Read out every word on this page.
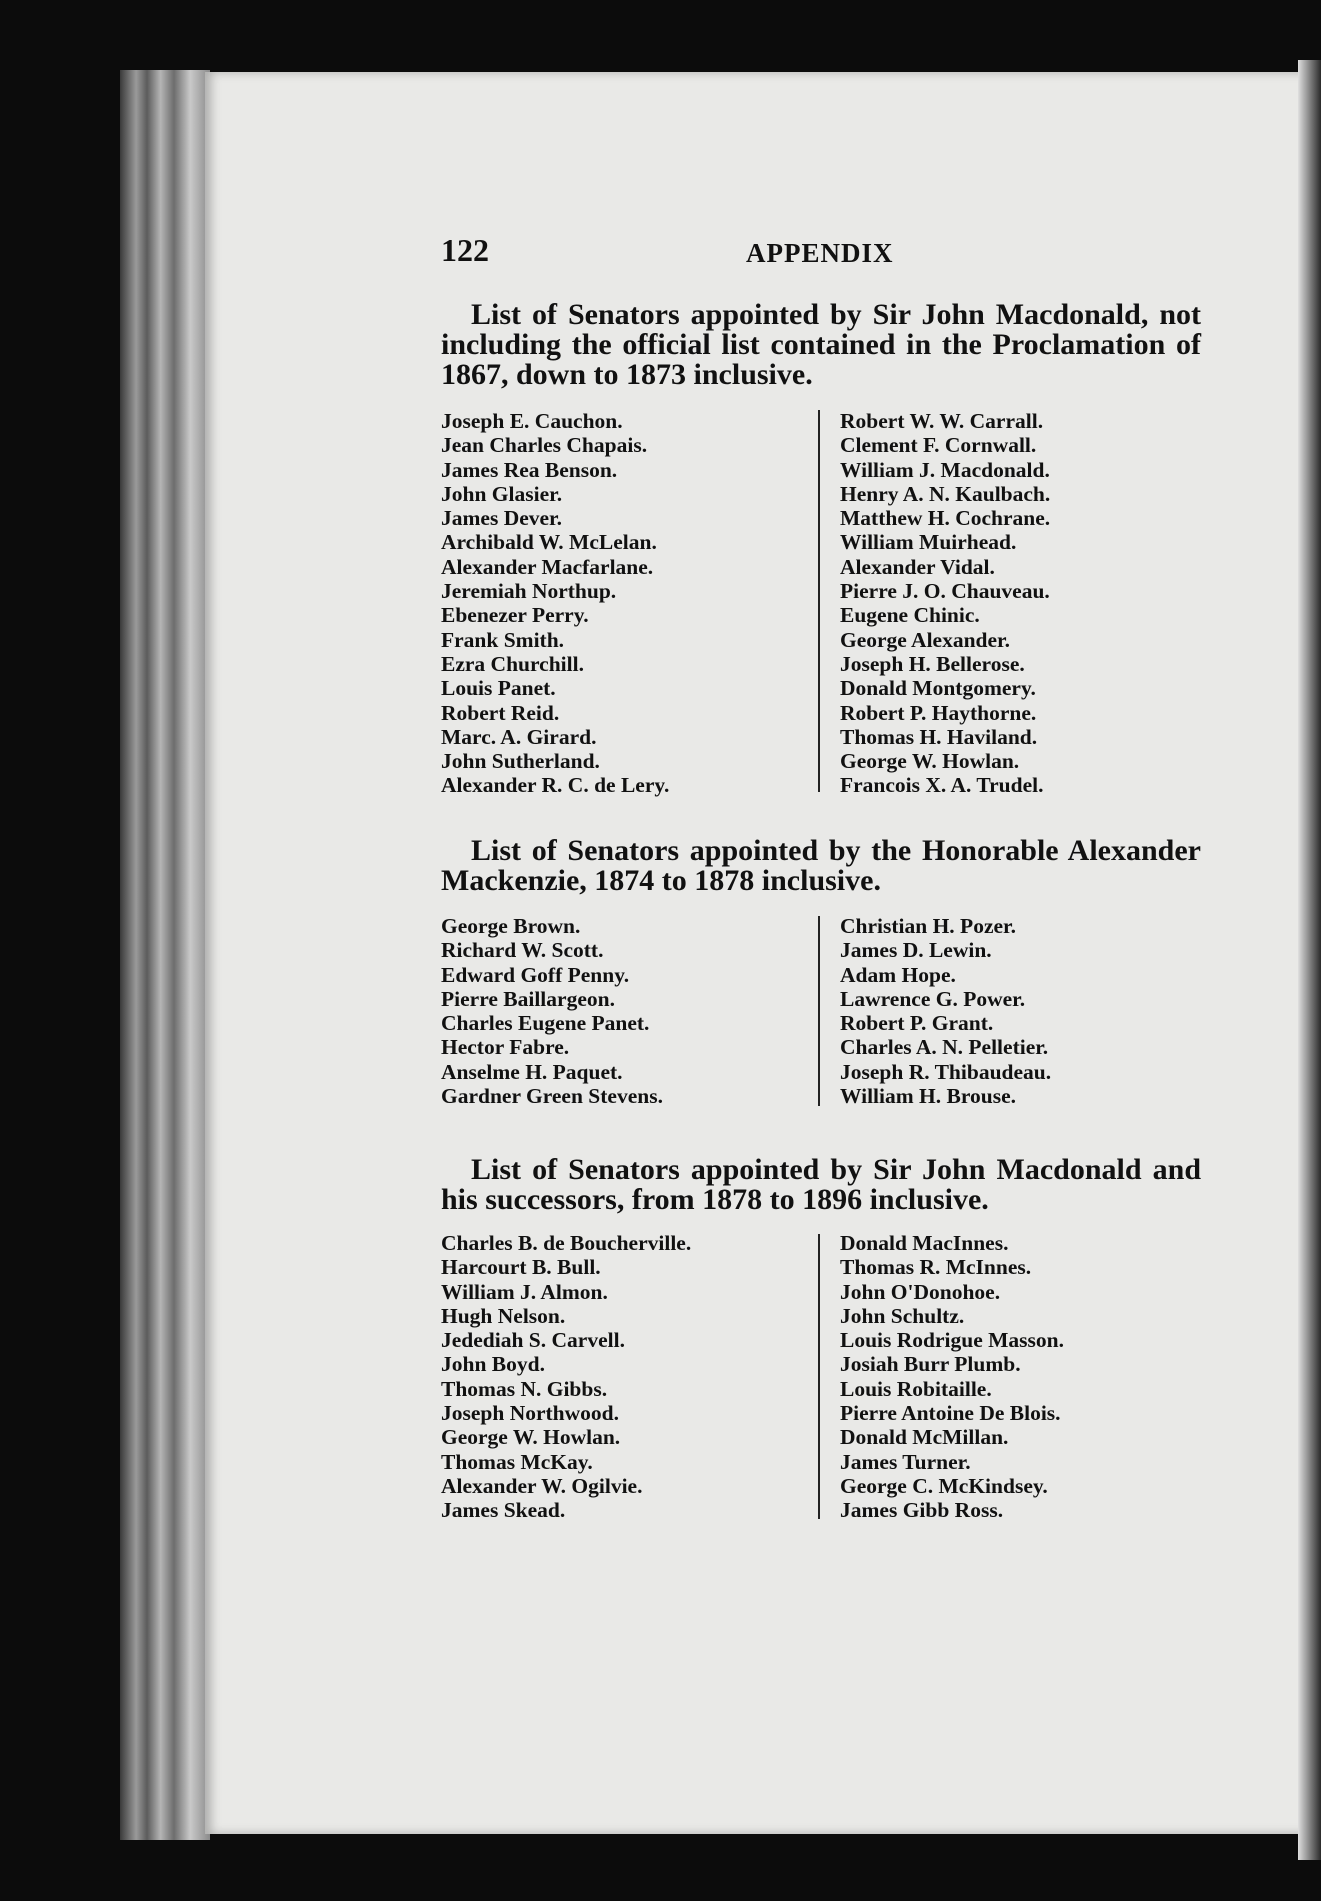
122	APPENDIX
List of Senators appointed by Sir John Macdonald, not including the official list contained in the Proclamation of 1867, down to 1873 inclusive.
Joseph E. Cauchon.
Jean Charles Chapais.
James Rea Benson.
John Glasier.
James Dever.
Archibald W. McLelan.
Alexander Macfarlane.
Jeremiah Northup.
Ebenezer Perry.
Frank Smith.
Ezra Churchill.
Louis Panet.
Robert Reid.
Marc. A. Girard.
John Sutherland.
Alexander R. C. de Lery.
Robert W. W. Carrall.
Clement F. Cornwall.
William J. Macdonald.
Henry A. N. Kaulbach.
Matthew H. Cochrane.
William Muirhead.
Alexander Vidal.
Pierre J. O. Chauveau.
Eugene Chinic.
George Alexander.
Joseph H. Bellerose.
Donald Montgomery.
Robert P. Haythorne.
Thomas H. Haviland.
George W. Howlan.
Francois X. A. Trudel.
List of Senators appointed by the Honorable Alexander Mackenzie, 1874 to 1878 inclusive.
George Brown.
Richard W. Scott.
Edward Goff Penny.
Pierre Baillargeon.
Charles Eugene Panet.
Hector Fabre.
Anselme H. Paquet.
Gardner Green Stevens.
Christian H. Pozer.
James D. Lewin.
Adam Hope.
Lawrence G. Power.
Robert P. Grant.
Charles A. N. Pelletier.
Joseph R. Thibaudeau.
William H. Brouse.
List of Senators appointed by Sir John Macdonald and his successors, from 1878 to 1896 inclusive.
Charles B. de Boucherville.
Harcourt B. Bull.
William J. Almon.
Hugh Nelson.
Jedediah S. Carvell.
John Boyd.
Thomas N. Gibbs.
Joseph Northwood.
George W. Howlan.
Thomas McKay.
Alexander W. Ogilvie.
James Skead.
Donald MacInnes.
Thomas R. McInnes.
John O'Donohoe.
John Schultz.
Louis Rodrigue Masson.
Josiah Burr Plumb.
Louis Robitaille.
Pierre Antoine De Blois.
Donald McMillan.
James Turner.
George C. McKindsey.
James Gibb Ross.
